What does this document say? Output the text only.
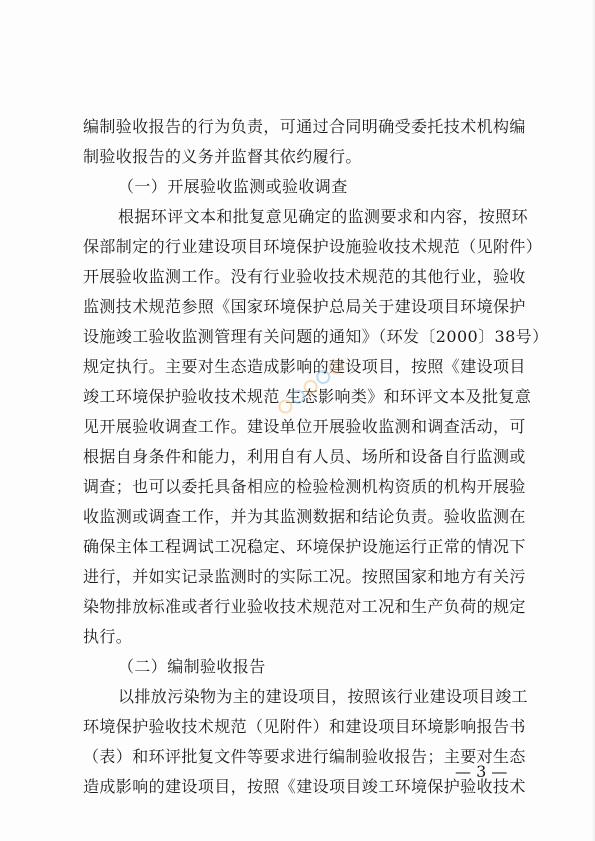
编制验收报告的行为负责，可通过合同明确受委托技术机构编
制验收报告的义务并监督其依约履行。
（一）开展验收监测或验收调查
根据环评文本和批复意见确定的监测要求和内容，按照环
保部制定的行业建设项目环境保护设施验收技术规范（见附件）
开展验收监测工作。没有行业验收技术规范的其他行业，验收
监测技术规范参照《国家环境保护总局关于建设项目环境保护
设施竣工验收监测管理有关问题的通知》（环发〔2000〕38号）
规定执行。主要对生态造成影响的建设项目，按照《建设项目
竣工环境保护验收技术规范 生态影响类》和环评文本及批复意
见开展验收调查工作。建设单位开展验收监测和调查活动，可
根据自身条件和能力，利用自有人员、场所和设备自行监测或
调查；也可以委托具备相应的检验检测机构资质的机构开展验
收监测或调查工作，并为其监测数据和结论负责。验收监测在
确保主体工程调试工况稳定、环境保护设施运行正常的情况下
进行，并如实记录监测时的实际工况。按照国家和地方有关污
染物排放标准或者行业验收技术规范对工况和生产负荷的规定
执行。
（二）编制验收报告
以排放污染物为主的建设项目，按照该行业建设项目竣工
环境保护验收技术规范（见附件）和建设项目环境影响报告书
（表）和环评批复文件等要求进行编制验收报告；主要对生态
造成影响的建设项目，按照《建设项目竣工环境保护验收技术
— 3 —
